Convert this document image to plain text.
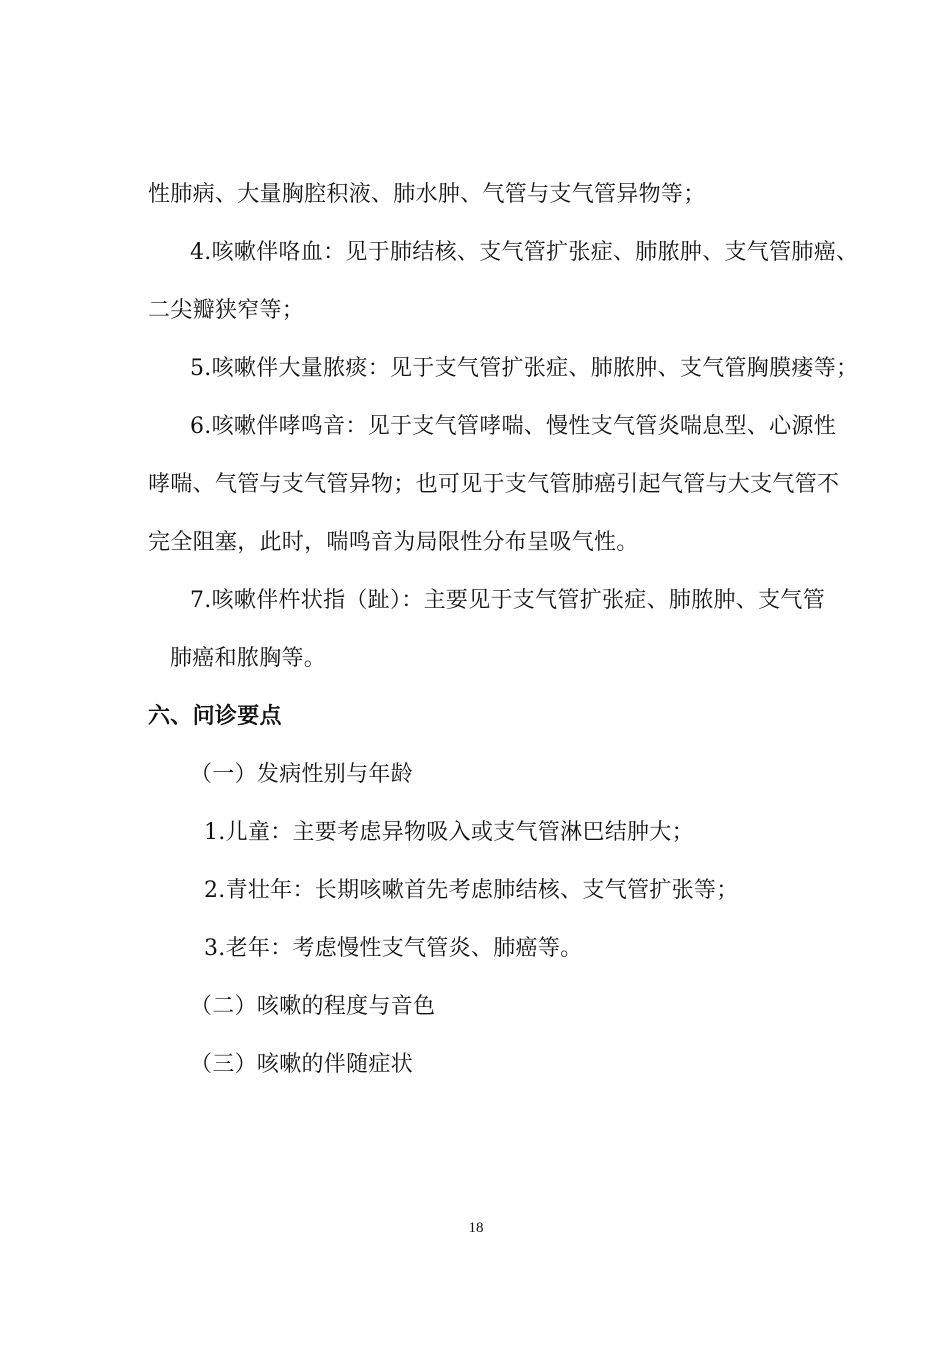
性肺病、大量胸腔积液、肺水肿、气管与支气管异物等；
4.咳嗽伴咯血：见于肺结核、支气管扩张症、肺脓肿、支气管肺癌、
二尖瓣狭窄等；
5.咳嗽伴大量脓痰：见于支气管扩张症、肺脓肿、支气管胸膜瘘等；
6.咳嗽伴哮鸣音：见于支气管哮喘、慢性支气管炎喘息型、心源性
哮喘、气管与支气管异物；也可见于支气管肺癌引起气管与大支气管不
完全阻塞，此时，喘鸣音为局限性分布呈吸气性。
7.咳嗽伴杵状指（趾）：主要见于支气管扩张症、肺脓肿、支气管
肺癌和脓胸等。
六、问诊要点
（一）发病性别与年龄
1.儿童：主要考虑异物吸入或支气管淋巴结肿大；
2.青壮年：长期咳嗽首先考虑肺结核、支气管扩张等；
3.老年：考虑慢性支气管炎、肺癌等。
（二）咳嗽的程度与音色
（三）咳嗽的伴随症状
18
